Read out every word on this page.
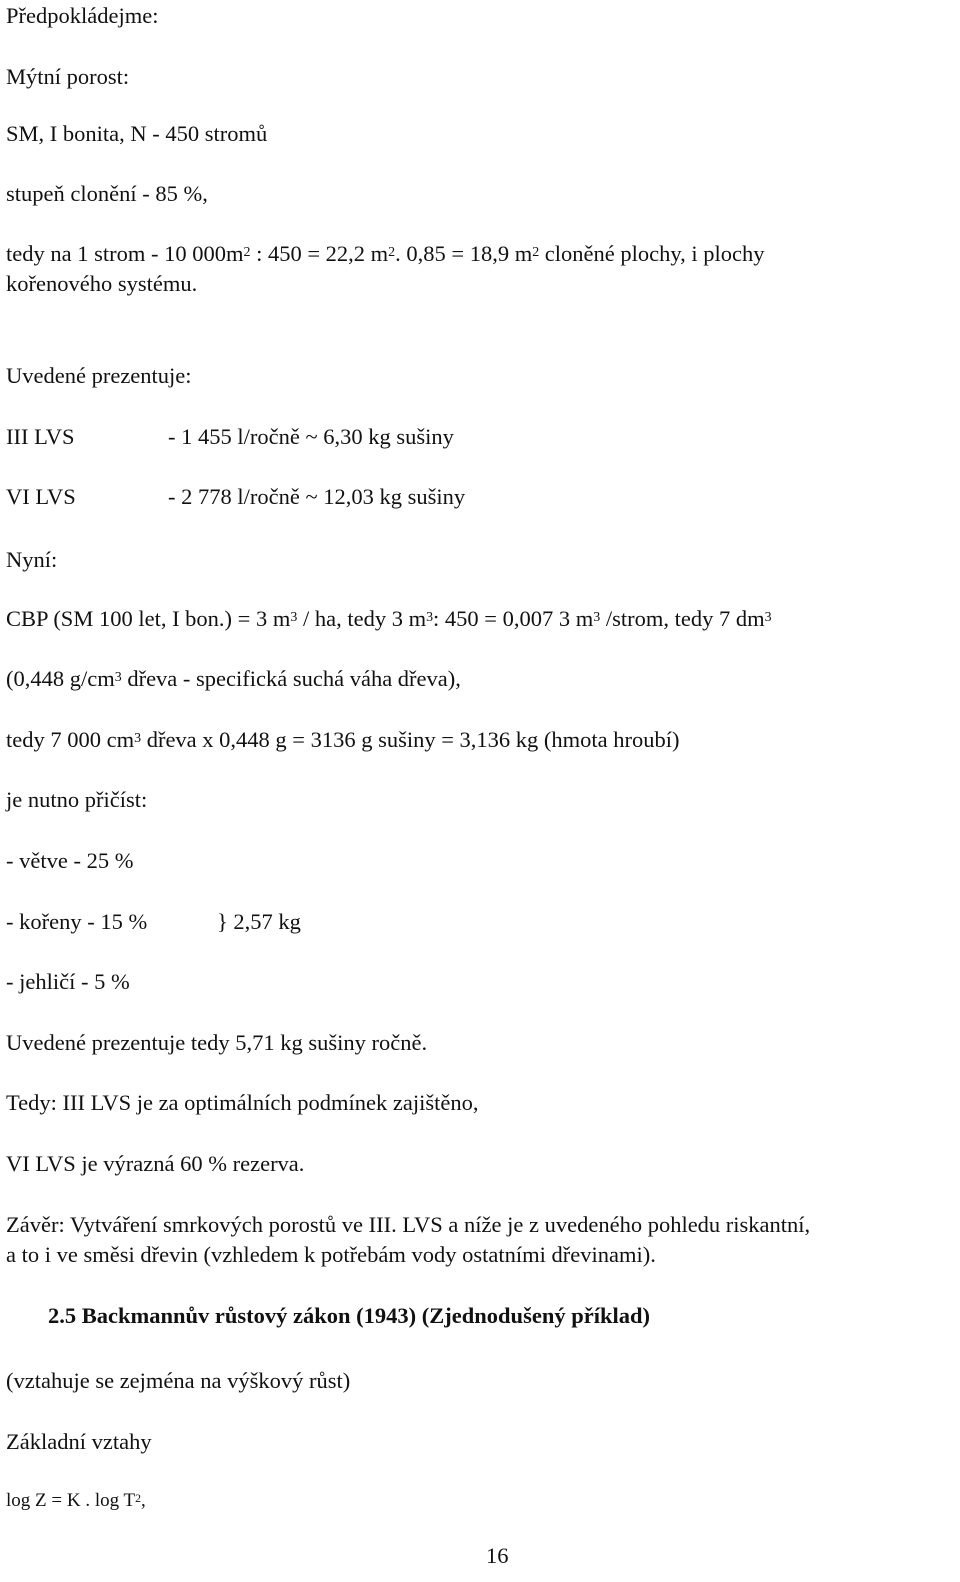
Předpokládejme:
Mýtní porost:
SM, I bonita, N - 450 stromů
stupeň clonění - 85 %,
tedy na 1 strom - 10 $000m^2$ : 450 = 22,2 $m^2$. 0,85 = 18,9 $m^2$ cloněné plochy, i plochy
kořenového systému.
Uvedené prezentuje:
III LVS	- 1 455 l/ročně ~ 6,30 kg sušiny
VI LVS	- 2 778 l/ročně ~ 12,03 kg sušiny
Nyní:
CBP (SM 100 let, I bon.) = 3 $m^3$ / ha, tedy 3 $m^3$: 450 = 0,007 3 $m^3$ /strom, tedy 7 $dm^3$
(0,448 $g/cm^3$ dřeva - specifická suchá váha dřeva),
tedy 7 000 $cm^3$ dřeva x 0,448 g = 3136 g sušiny = 3,136 kg (hmota hroubí)
je nutno přičíst:
- větve - 25 %
- kořeny - 15 %	} 2,57 kg
- jehličí - 5 %
Uvedené prezentuje tedy 5,71 kg sušiny ročně.
Tedy: III LVS je za optimálních podmínek zajištěno,
VI LVS je výrazná 60 % rezerva.
Závěr: Vytváření smrkových porostů ve III. LVS a níže je z uvedeného pohledu riskantní,
a to i ve směsi dřevin (vzhledem k potřebám vody ostatními dřevinami).
2.5 Backmannův růstový zákon (1943) (Zjednodušený příklad)
(vztahuje se zejména na výškový růst)
Základní vztahy
log Z = K . $\log T^2$,
16
